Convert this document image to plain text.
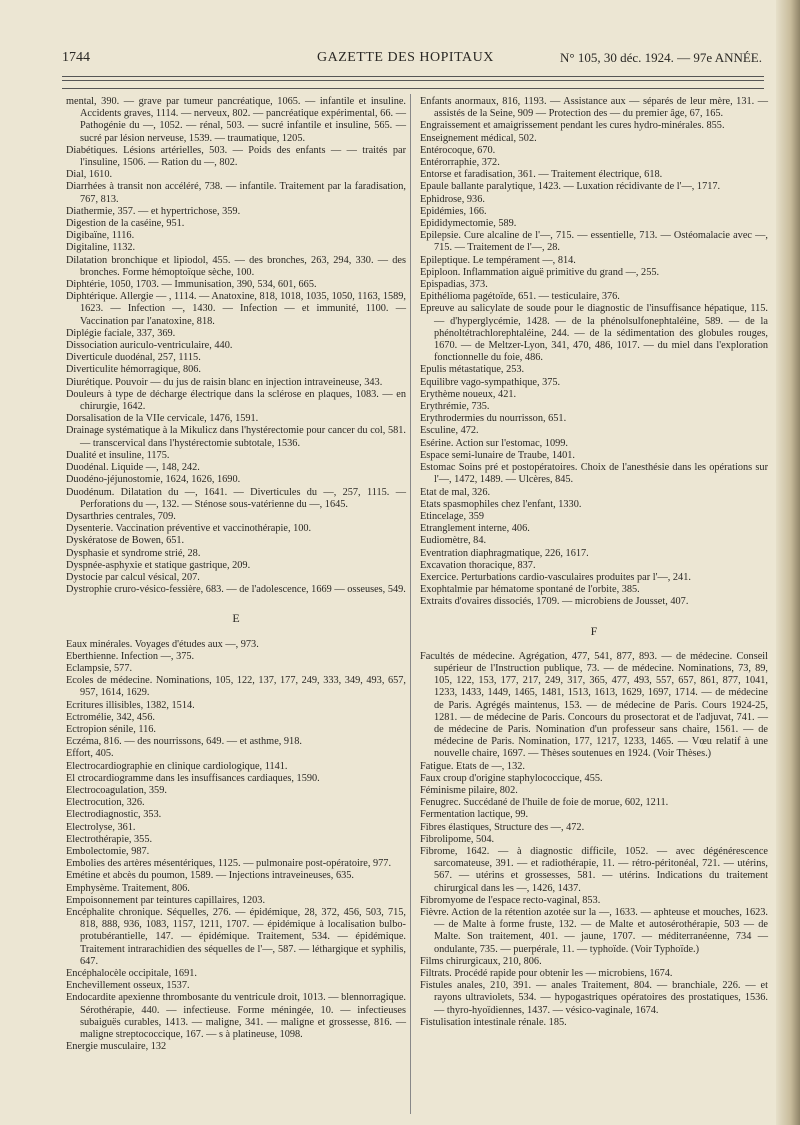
1744	GAZETTE DES HOPITAUX	N° 105, 30 déc. 1924. — 97e ANNÉE.

mental, 390. — grave par tumeur pancréatique, 1065. — infantile et insuline. Accidents graves, 1114. — nerveux, 802. — pancréatique expérimental, 66. — Pathogénie du —, 1052. — rénal, 503. — sucré infantile et insuline, 565. — sucré par lésion nerveuse, 1539. — traumatique, 1205.

Diabétiques. Lésions artérielles, 503. — Poids des enfants — — traités par l'insuline, 1506. — Ration du —, 802.

Dial, 1610.

Diarrhées à transit non accéléré, 738. — infantile. Traitement par la faradisation, 767, 813.

Diathermie, 357. — et hypertrichose, 359.

Digestion de la caséine, 951.

Digibaïne, 1116.

Digitaline, 1132.

Dilatation bronchique et lipiodol, 455. — des bronches, 263, 294, 330. — des bronches. Forme hémoptoïque sèche, 100.

Diphtérie, 1050, 1703. — Immunisation, 390, 534, 601, 665.

Diphtérique. Allergie — , 1114. — Anatoxine, 818, 1018, 1035, 1050, 1163, 1589, 1623. — Infection —, 1430. — Infection — et immunité, 1100. — Vaccination par l'anatoxine, 818.

Diplégie faciale, 337, 369.

Dissociation auriculo-ventriculaire, 440.

Diverticule duodénal, 257, 1115.

Diverticulite hémorragique, 806.

Diurétique. Pouvoir — du jus de raisin blanc en injection intraveineuse, 343.

Douleurs à type de décharge électrique dans la sclérose en plaques, 1083. — en chirurgie, 1642.

Dorsalisation de la VIIe cervicale, 1476, 1591.

Drainage systématique à la Mikulicz dans l'hystérectomie pour cancer du col, 581. — transcervical dans l'hystérectomie subtotale, 1536.

Dualité et insuline, 1175.

Duodénal. Liquide —, 148, 242.

Duodéno-jéjunostomie, 1624, 1626, 1690.

Duodénum. Dilatation du —, 1641. — Diverticules du —, 257, 1115. — Perforations du —, 132. — Sténose sous-vatérienne du —, 1645.

Dysarthries centrales, 709.

Dysenterie. Vaccination préventive et vaccinothérapie, 100.

Dyskératose de Bowen, 651.

Dysphasie et syndrome strié, 28.

Dyspnée-asphyxie et statique gastrique, 209.

Dystocie par calcul vésical, 207.

Dystrophie cruro-vésico-fessière, 683. — de l'adolescence, 1669 — osseuses, 549.

E

Eaux minérales. Voyages d'études aux —, 973.

Eberthienne. Infection —, 375.

Eclampsie, 577.

Ecoles de médecine. Nominations, 105, 122, 137, 177, 249, 333, 349, 493, 657, 957, 1614, 1629.

Ecritures illisibles, 1382, 1514.

Ectromélie, 342, 456.

Ectropion sénile, 116.

Eczéma, 816. — des nourrissons, 649. — et asthme, 918.

Effort, 405.

Electrocardiographie en clinique cardiologique, 1141.

El ctrocardiogramme dans les insuffisances cardiaques, 1590.

Electrocoagulation, 359.

Electrocution, 326.

Electrodiagnostic, 353.

Electrolyse, 361.

Electrothérapie, 355.

Embolectomie, 987.

Embolies des artères mésentériques, 1125. — pulmonaire post-opératoire, 977.

Emétine et abcès du poumon, 1589. — Injections intraveineuses, 635.

Emphysème. Traitement, 806.

Empoisonnement par teintures capillaires, 1203.

Encéphalite chronique. Séquelles, 276. — épidémique, 28, 372, 456, 503, 715, 818, 888, 936, 1083, 1157, 1211, 1707. — épidémique à localisation bulbo-protubérantielle, 147. — épidémique. Traitement, 534. — épidémique. Traitement intrarachidien des séquelles de l'—, 587. — léthargique et syphilis, 647.

Encéphalocèle occipitale, 1691.

Enchevillement osseux, 1537.

Endocardite apexienne thrombosante du ventricule droit, 1013. — blennorragique. Sérothérapie, 440. — infectieuse. Forme méningée, 10. — infectieuses subaiguës curables, 1413. — maligne, 341. — maligne et grossesse, 816. — maligne streptococcique, 167. — s à platineuse, 1098.

Energie musculaire, 132

Enfants anormaux, 816, 1193. — Assistance aux — séparés de leur mère, 131. — assistés de la Seine, 909 — Protection des — du premier âge, 67, 165.

Engraissement et amaigrissement pendant les cures hydro-minérales. 855.

Enseignement médical, 502.

Entérocoque, 670.

Entérorraphie, 372.

Entorse et faradisation, 361. — Traitement électrique, 618.

Epaule ballante paralytique, 1423. — Luxation récidivante de l'—, 1717.

Ephidrose, 936.

Epidémies, 166.

Epididymectomie, 589.

Epilepsie. Cure alcaline de l'—, 715. — essentielle, 713. — Ostéomalacie avec —, 715. — Traitement de l'—, 28.

Epileptique. Le tempérament —, 814.

Epiploon. Inflammation aiguë primitive du grand —, 255.

Epispadias, 373.

Epithélioma pagétoïde, 651. — testiculaire, 376.

Epreuve au salicylate de soude pour le diagnostic de l'insuffisance hépatique, 115. — d'hyperglycémie, 1428. — de la phénolsulfonephtaléine, 589. — de la phénoltétrachlorephtaléine, 244. — de la sédimentation des globules rouges, 1670. — de Meltzer-Lyon, 341, 470, 486, 1017. — du miel dans l'exploration fonctionnelle du foie, 486.

Epulis métastatique, 253.

Equilibre vago-sympathique, 375.

Erythème noueux, 421.

Erythrémie, 735.

Erythrodermies du nourrisson, 651.

Esculine, 472.

Esérine. Action sur l'estomac, 1099.

Espace semi-lunaire de Traube, 1401.

Estomac Soins pré et postopératoires. Choix de l'anesthésie dans les opérations sur l'—, 1472, 1489. — Ulcères, 845.

Etat de mal, 326.

Etats spasmophiles chez l'enfant, 1330.

Etincelage, 359

Etranglement interne, 406.

Eudiomètre, 84.

Eventration diaphragmatique, 226, 1617.

Excavation thoracique, 837.

Exercice. Perturbations cardio-vasculaires produites par l'—, 241.

Exophtalmie par hématome spontané de l'orbite, 385.

Extraits d'ovaires dissociés, 1709. — microbiens de Jousset, 407.

F

Facultés de médecine. Agrégation, 477, 541, 877, 893. — de médecine. Conseil supérieur de l'Instruction publique, 73. — de médecine. Nominations, 73, 89, 105, 122, 153, 177, 217, 249, 317, 365, 477, 493, 557, 657, 861, 877, 1041, 1233, 1433, 1449, 1465, 1481, 1513, 1613, 1629, 1697, 1714. — de médecine de Paris. Agrégés maintenus, 153. — de médecine de Paris. Cours 1924-25, 1281. — de médecine de Paris. Concours du prosectorat et de l'adjuvat, 741. — de médecine de Paris. Nomination d'un professeur sans chaire, 1561. — de médecine de Paris. Nomination, 177, 1217, 1233, 1465. — Vœu relatif à une nouvelle chaire, 1697. — Thèses soutenues en 1924. (Voir Thèses.)

Fatigue. Etats de —, 132.

Faux croup d'origine staphylococcique, 455.

Féminisme pilaire, 802.

Fenugrec. Succédané de l'huile de foie de morue, 602, 1211.

Fermentation lactique, 99.

Fibres élastiques, Structure des —, 472.

Fibrolipome, 504.

Fibrome, 1642. — à diagnostic difficile, 1052. — avec dégénérescence sarcomateuse, 391. — et radiothérapie, 11. — rétro-péritonéal, 721. — utérins, 567. — utérins et grossesses, 581. — utérins. Indications du traitement chirurgical dans les —, 1426, 1437.

Fibromyome de l'espace recto-vaginal, 853.

Fièvre. Action de la rétention azotée sur la —, 1633. — aphteuse et mouches, 1623. — de Malte à forme fruste, 132. — de Malte et autosérothérapie, 503 — de Malte. Son traitement, 401. — jaune, 1707. — méditerranéenne, 734 — ondulante, 735. — puerpérale, 11. — typhoïde. (Voir Typhoïde.)

Films chirurgicaux, 210, 806.

Filtrats. Procédé rapide pour obtenir les — microbiens, 1674.

Fistules anales, 210, 391. — anales Traitement, 804. — branchiale, 226. — et rayons ultraviolets, 534. — hypogastriques opératoires des prostatiques, 1536. — thyro-hyoïdiennes, 1437. — vésico-vaginale, 1674.

Fistulisation intestinale rénale. 185.
